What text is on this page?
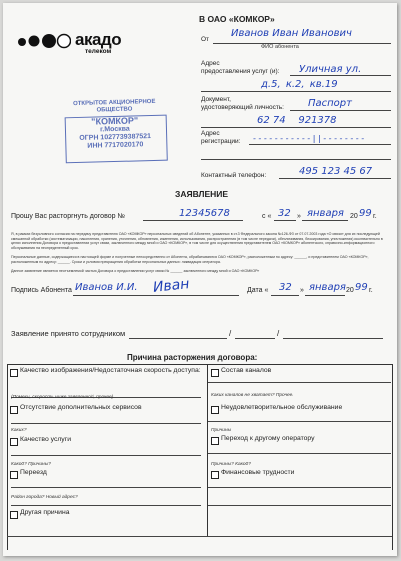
акадо
телеком
В ОАО «КОМКОР»
От
Иванов Иван Иванович
ФИО абонента
Адрес
предоставления услуг (и): Уличная ул.
д.5, к.2, кв.19
Документ,
удостоверяющий личность: Паспорт
62 74    921378
Адрес
регистрации: - - - - - - - - - - - | | - - - - - - - -
Контактный телефон:	495 123 45 67
ОТКРЫТОЕ АКЦИОНЕРНОЕ
ОБЩЕСТВО
"КОМКОР"
г.Москва
ОГРН 1027739387521
ИНН 7717020170
ЗАЯВЛЕНИЕ
Прошу Вас расторгнуть договор №	12345678	с « 32 » января 20 99 г.
Я, в рамках безусловного согласия на передачу представителю ОАО «КОМКОР» персональных сведений об Абоненте, указанных в ст.3 Федерального закона №126-ФЗ от 07.07.2003 года «О связи» для их последующей смешанной обработки (систематизации, накопления, хранения, уточнения, обновления, изменения, использования, распространения (в том числе передачи), обезличивания, блокирования, уничтожения) исключительно в целях исполнения Договора о предоставлении услуг связи, заключенного между мной и ОАО «КОМКОР», в том числе для осуществления представителем ОАО «КОМКОР» абонентского, справочно-информационного обслуживания на неопределенный срок.
Персональные данные, содержащиеся в настоящей форме и полученные непосредственно от Абонента, обрабатываются ОАО «КОМКОР», расположенным по адресу: ______, и представителем ОАО «КОМКОР», расположенным по адресу: ______. Сроки и условия прекращения обработки персональных данных: ликвидация оператора.
Данное заявление является неотъемлемой частью Договора о предоставлении услуг связи № ______ заключенного между мной и ОАО «КОМКОР»
Подпись Абонента Иванов И.И. Иван	Дата « 32 » января 20 99 г.
Заявление принято сотрудником	/	/
Причина расторжения договора:
Качество изображения/Недостаточная скорость доступа:
(Помехи, скорость ниже заявленной, прочее)
Отсутствие дополнительных сервисов
Каких?
Качество услуги
Како0? Причины?
Переезд
Район города? Новый адрес?
Другая причина
Состав каналов
Каких каналов не хватает? Прочее.
Неудовлетворительное обслуживание
Причины
Переход к другому оператору
Причины? Како0?
Финансовые трудности
